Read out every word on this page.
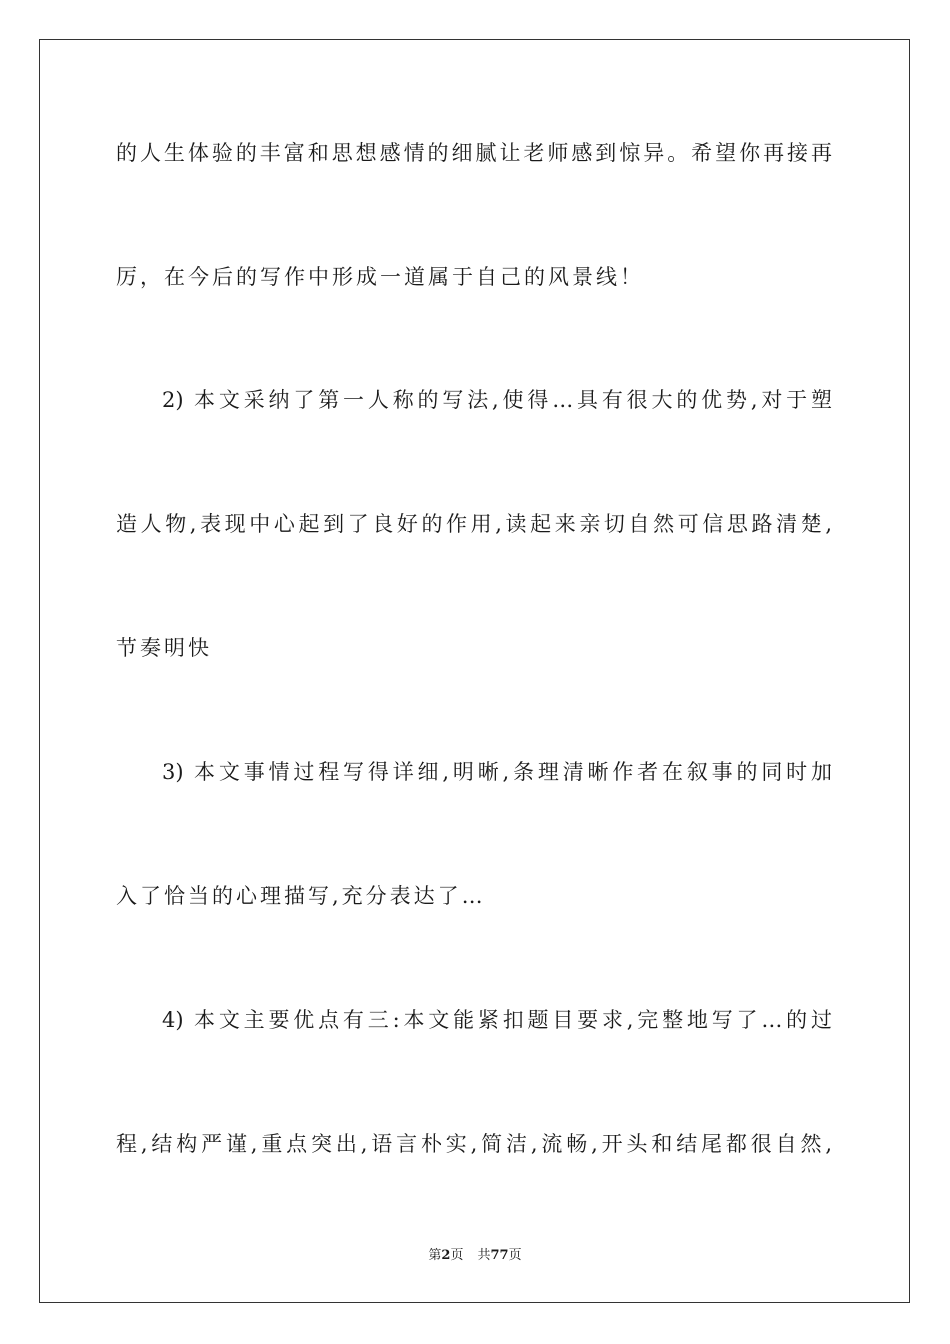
的人生体验的丰富和思想感情的细腻让老师感到惊异。希望你再接再
厉，在今后的写作中形成一道属于自己的风景线！
2) 本文采纳了第一人称的写法,使得…具有很大的优势,对于塑
造人物,表现中心起到了良好的作用,读起来亲切自然可信思路清楚,
节奏明快
3) 本文事情过程写得详细,明晰,条理清晰作者在叙事的同时加
入了恰当的心理描写,充分表达了…
4) 本文主要优点有三:本文能紧扣题目要求,完整地写了…的过
程,结构严谨,重点突出,语言朴实,简洁,流畅,开头和结尾都很自然,
第2页 共77页
